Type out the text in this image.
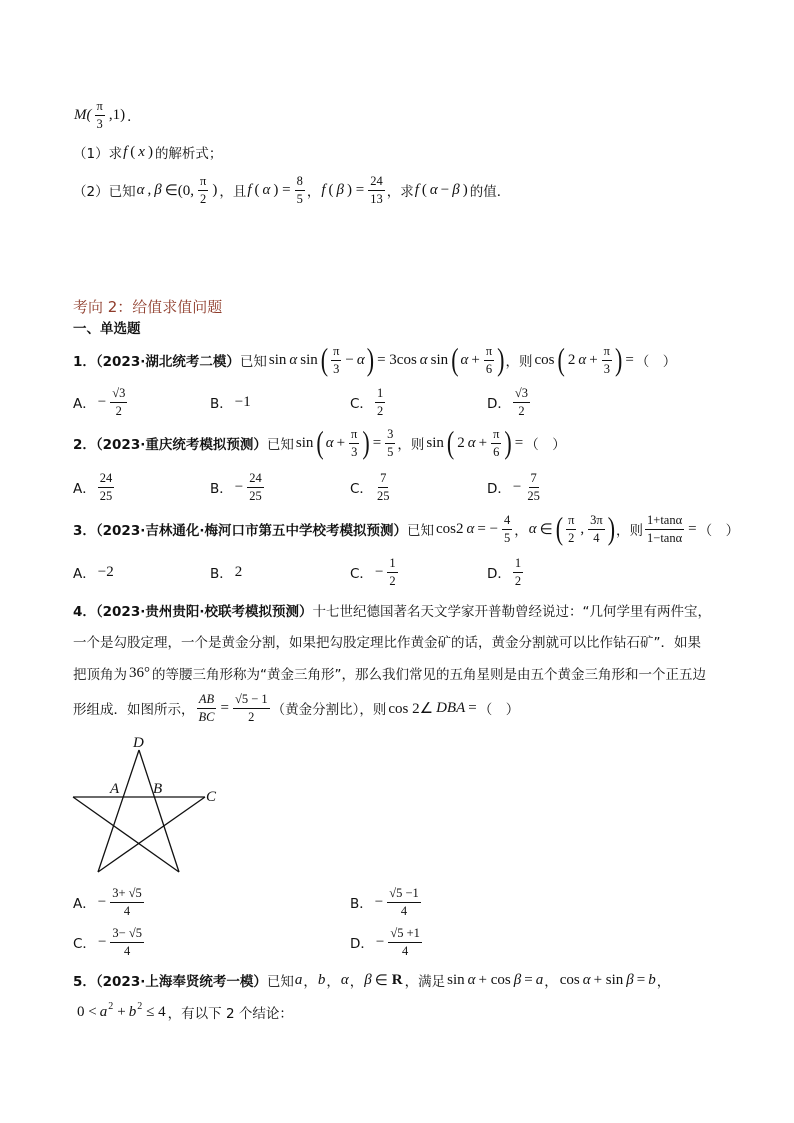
$M( \frac{\pi}{3} ,1)$ ．
（1）求 f ( x ) 的解析式；
（2）已知 α , β ∈(0, $\frac{\pi}{2}$ ) ，且 f ( α ) = $\frac{8}{5}$ ， f ( β ) = $\frac{24}{13}$ ，求 f ( α − β ) 的值．
考向 2：给值求值问题
一、单选题
1．（2023·湖北统考二模） 已知 sin α sin ( $\frac{\pi}{3} - \alpha$ ) = 3cos α sin ( $\alpha + \frac{\pi}{6}$ ) ，则 cos ( 2 $\alpha + \frac{\pi}{3}$ ) = （　）
A． − $\frac{√3}{2}$	B． −1	C． $\frac{1}{2}$	D． $\frac{√3}{2}$
2．（2023·重庆统考模拟预测） 已知 sin ( $\alpha + \frac{\pi}{3}$ ) = $\frac{3}{5}$ ，则 sin ( 2 $\alpha + \frac{\pi}{6}$ ) = （　）
A． $\frac{24}{25}$	B． − $\frac{24}{25}$	C． $\frac{7}{25}$	D． − $\frac{7}{25}$
3．（2023·吉林通化·梅河口市第五中学校考模拟预测） 已知 cos2 α = − $\frac{4}{5}$ ， α ∈ ( $\frac{\pi}{2}$ , $\frac{3\pi}{4}$ ) ，则 $\frac{1+\tan\alpha}{1-\tan\alpha}$ = （　）
A． −2	B． 2	C． − $\frac{1}{2}$	D． $\frac{1}{2}$
4．（2023·贵州贵阳·校联考模拟预测） 十七世纪德国著名天文学家开普勒曾经说过：“几何学里有两件宝，
一个是勾股定理，一个是黄金分割，如果把勾股定理比作黄金矿的话，黄金分割就可以比作钻石矿”．如果
把顶角为 36° 的等腰三角形称为“黄金三角形”，那么我们常见的五角星则是由五个黄金三角形和一个正五边
形组成．如图所示， $\frac{AB}{BC} = \frac{√5 - 1}{2}$ （黄金分割比），则 cos 2∠ DBA = （　）
D
A B	C
A． − $\frac{3+ √5}{4}$	B． − $\frac{√5 -1}{4}$
C． − $\frac{3- √5}{4}$	D． − $\frac{√5 +1}{4}$
5．（2023·上海奉贤统考一模） 已知 a ， b ， α ， β ∈ R ，满足 sin α + cos β = a ， cos α + sin β = b ，
0 < a 2 + b 2 ≤ 4 ，有以下 2 个结论：
